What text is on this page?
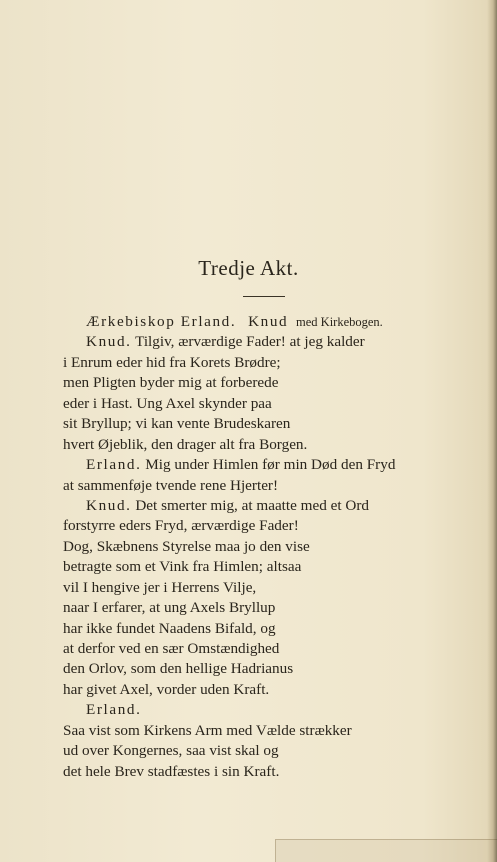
Tredje Akt.
Ærkebiskop Erland. Knud med Kirkebogen.
Knud. Tilgiv, ærværdige Fader! at jeg kalder
i Enrum eder hid fra Korets Brødre;
men Pligten byder mig at forberede
eder i Hast. Ung Axel skynder paa
sit Bryllup; vi kan vente Brudeskaren
hvert Øjeblik, den drager alt fra Borgen.
Erland. Mig under Himlen før min Død den Fryd
at sammenføje tvende rene Hjerter!
Knud. Det smerter mig, at maatte med et Ord
forstyrre eders Fryd, ærværdige Fader!
Dog, Skæbnens Styrelse maa jo den vise
betragte som et Vink fra Himlen; altsaa
vil I hengive jer i Herrens Vilje,
naar I erfarer, at ung Axels Bryllup
har ikke fundet Naadens Bifald, og
at derfor ved en sær Omstændighed
den Orlov, som den hellige Hadrianus
har givet Axel, vorder uden Kraft.
Erland.
Saa vist som Kirkens Arm med Vælde strækker
ud over Kongernes, saa vist skal og
det hele Brev stadfæstes i sin Kraft.
